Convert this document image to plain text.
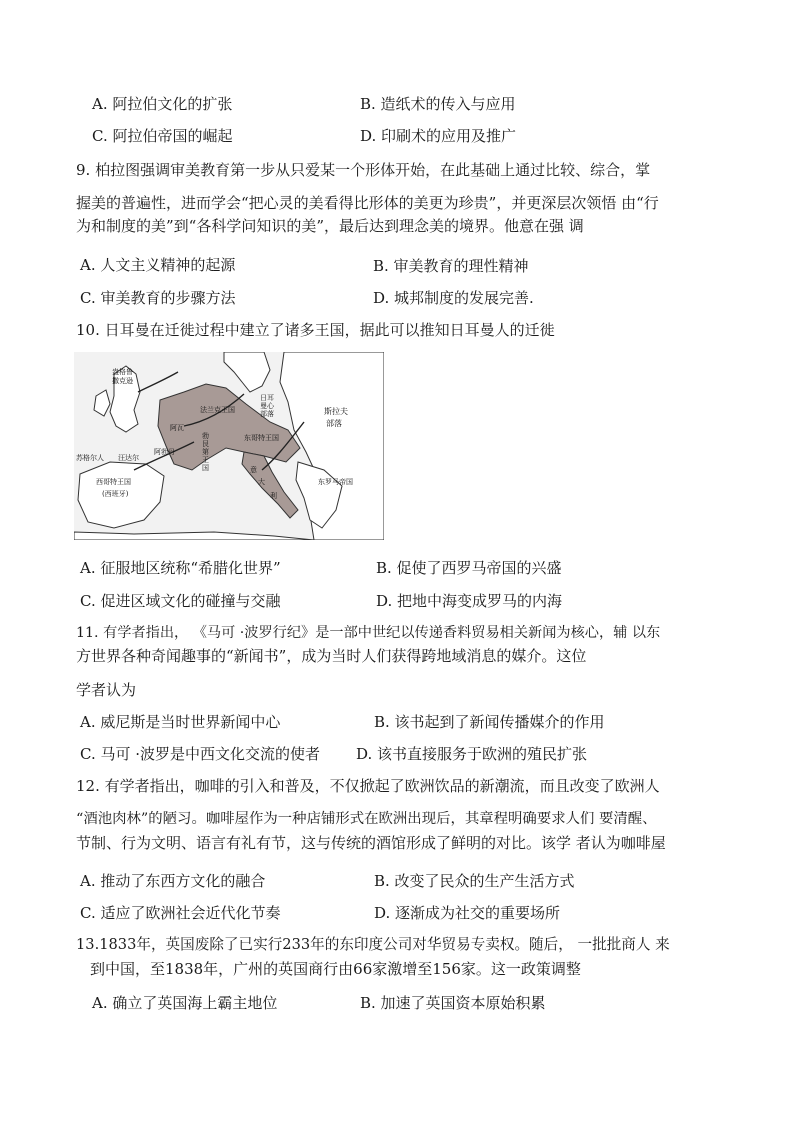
A. 阿拉伯文化的扩张	B. 造纸术的传入与应用
C. 阿拉伯帝国的崛起	D. 印刷术的应用及推广
9. 柏拉图强调审美教育第一步从只爱某一个形体开始，在此基础上通过比较、综合，掌
握美的普遍性，进而学会“把心灵的美看得比形体的美更为珍贵”，并更深层次领悟 由“行
为和制度的美”到“各科学问知识的美”，最后达到理念美的境界。他意在强 调
A. 人文主义精神的起源	B. 审美教育的理性精神
C. 审美教育的步骤方法	D. 城邦制度的发展完善.
10. 日耳曼在迁徙过程中建立了诸多王国，据此可以推知日耳曼人的迁徙
盎格鲁
撒克逊
日耳
曼心
部落
法兰克王国	斯拉夫
部落
勃
艮
第
王
国
阿瓦
东哥特王国
苏格尔人 汪达尔
阿勃丹
西哥特王国
(西班牙)
东罗马帝国
意
大
利
A. 征服地区统称“希腊化世界”	B. 促使了西罗马帝国的兴盛
C. 促进区域文化的碰撞与交融	D. 把地中海变成罗马的内海
11. 有学者指出， 《马可 ·波罗行纪》是一部中世纪以传递香料贸易相关新闻为核心，辅 以东
方世界各种奇闻趣事的“新闻书”，成为当时人们获得跨地域消息的媒介。这位
学者认为
A. 威尼斯是当时世界新闻中心	B. 该书起到了新闻传播媒介的作用
C. 马可 ·波罗是中西文化交流的使者 D. 该书直接服务于欧洲的殖民扩张
12. 有学者指出，咖啡的引入和普及，不仅掀起了欧洲饮品的新潮流，而且改变了欧洲人
“酒池肉林”的陋习。咖啡屋作为一种店铺形式在欧洲出现后，其章程明确要求人们 要清醒、
节制、行为文明、语言有礼有节，这与传统的酒馆形成了鲜明的对比。该学 者认为咖啡屋
A. 推动了东西方文化的融合	B. 改变了民众的生产生活方式
C. 适应了欧洲社会近代化节奏	D. 逐渐成为社交的重要场所
13.1833年，英国废除了已实行233年的东印度公司对华贸易专卖权。随后， 一批批商人 来
到中国，至1838年，广州的英国商行由66家激增至156家。这一政策调整
A. 确立了英国海上霸主地位	B. 加速了英国资本原始积累
